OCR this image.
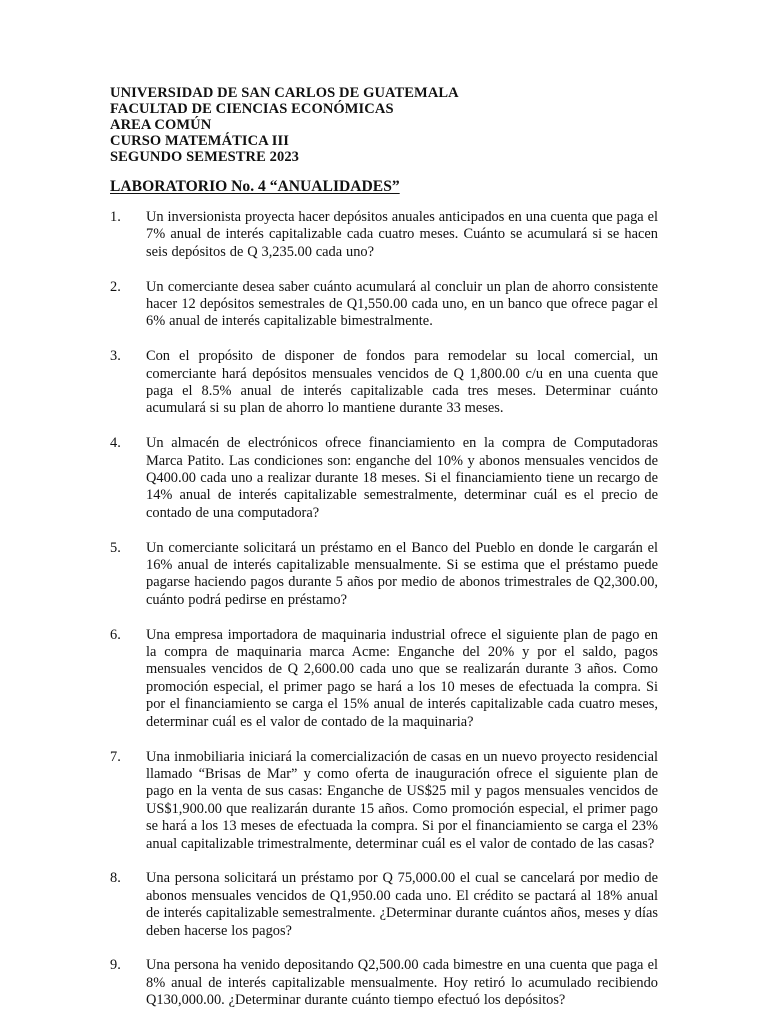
UNIVERSIDAD DE SAN CARLOS DE GUATEMALA
FACULTAD DE CIENCIAS ECONÓMICAS
AREA COMÚN
CURSO MATEMÁTICA III
SEGUNDO SEMESTRE 2023
LABORATORIO No. 4 “ANUALIDADES”
1.	Un inversionista proyecta hacer depósitos anuales anticipados en una cuenta que paga el 7% anual de interés capitalizable cada cuatro meses. Cuánto se acumulará si se hacen seis depósitos de Q 3,235.00 cada uno?
2.	Un comerciante desea saber cuánto acumulará al concluir un plan de ahorro consistente hacer 12 depósitos semestrales de Q1,550.00 cada uno, en un banco que ofrece pagar el 6% anual de interés capitalizable bimestralmente.
3.	Con el propósito de disponer de fondos para remodelar su local comercial, un comerciante hará depósitos mensuales vencidos de Q 1,800.00 c/u en una cuenta que paga el 8.5% anual de interés capitalizable cada tres meses. Determinar cuánto acumulará si su plan de ahorro lo mantiene durante 33 meses.
4.	Un almacén de electrónicos ofrece financiamiento en la compra de Computadoras Marca Patito. Las condiciones son: enganche del 10% y abonos mensuales vencidos de Q400.00 cada uno a realizar durante 18 meses. Si el financiamiento tiene un recargo de 14% anual de interés capitalizable semestralmente, determinar cuál es el precio de contado de una computadora?
5.	Un comerciante solicitará un préstamo en el Banco del Pueblo en donde le cargarán el 16% anual de interés capitalizable mensualmente. Si se estima que el préstamo puede pagarse haciendo pagos durante 5 años por medio de abonos trimestrales de Q2,300.00, cuánto podrá pedirse en préstamo?
6.	Una empresa importadora de maquinaria industrial ofrece el siguiente plan de pago en la compra de maquinaria marca Acme: Enganche del 20% y por el saldo, pagos mensuales vencidos de Q 2,600.00 cada uno que se realizarán durante 3 años. Como promoción especial, el primer pago se hará a los 10 meses de efectuada la compra. Si por el financiamiento se carga el 15% anual de interés capitalizable cada cuatro meses, determinar cuál es el valor de contado de la maquinaria?
7.	Una inmobiliaria iniciará la comercialización de casas en un nuevo proyecto residencial llamado “Brisas de Mar” y como oferta de inauguración ofrece el siguiente plan de pago en la venta de sus casas: Enganche de US$25 mil y pagos mensuales vencidos de US$1,900.00 que realizarán durante 15 años. Como promoción especial, el primer pago se hará a los 13 meses de efectuada la compra. Si por el financiamiento se carga el 23% anual capitalizable trimestralmente, determinar cuál es el valor de contado de las casas?
8.	Una persona solicitará un préstamo por Q 75,000.00 el cual se cancelará por medio de abonos mensuales vencidos de Q1,950.00 cada uno. El crédito se pactará al 18% anual de interés capitalizable semestralmente. ¿Determinar durante cuántos años, meses y días deben hacerse los pagos?
9.	Una persona ha venido depositando Q2,500.00 cada bimestre en una cuenta que paga el 8% anual de interés capitalizable mensualmente. Hoy retiró lo acumulado recibiendo Q130,000.00. ¿Determinar durante cuánto tiempo efectuó los depósitos?
